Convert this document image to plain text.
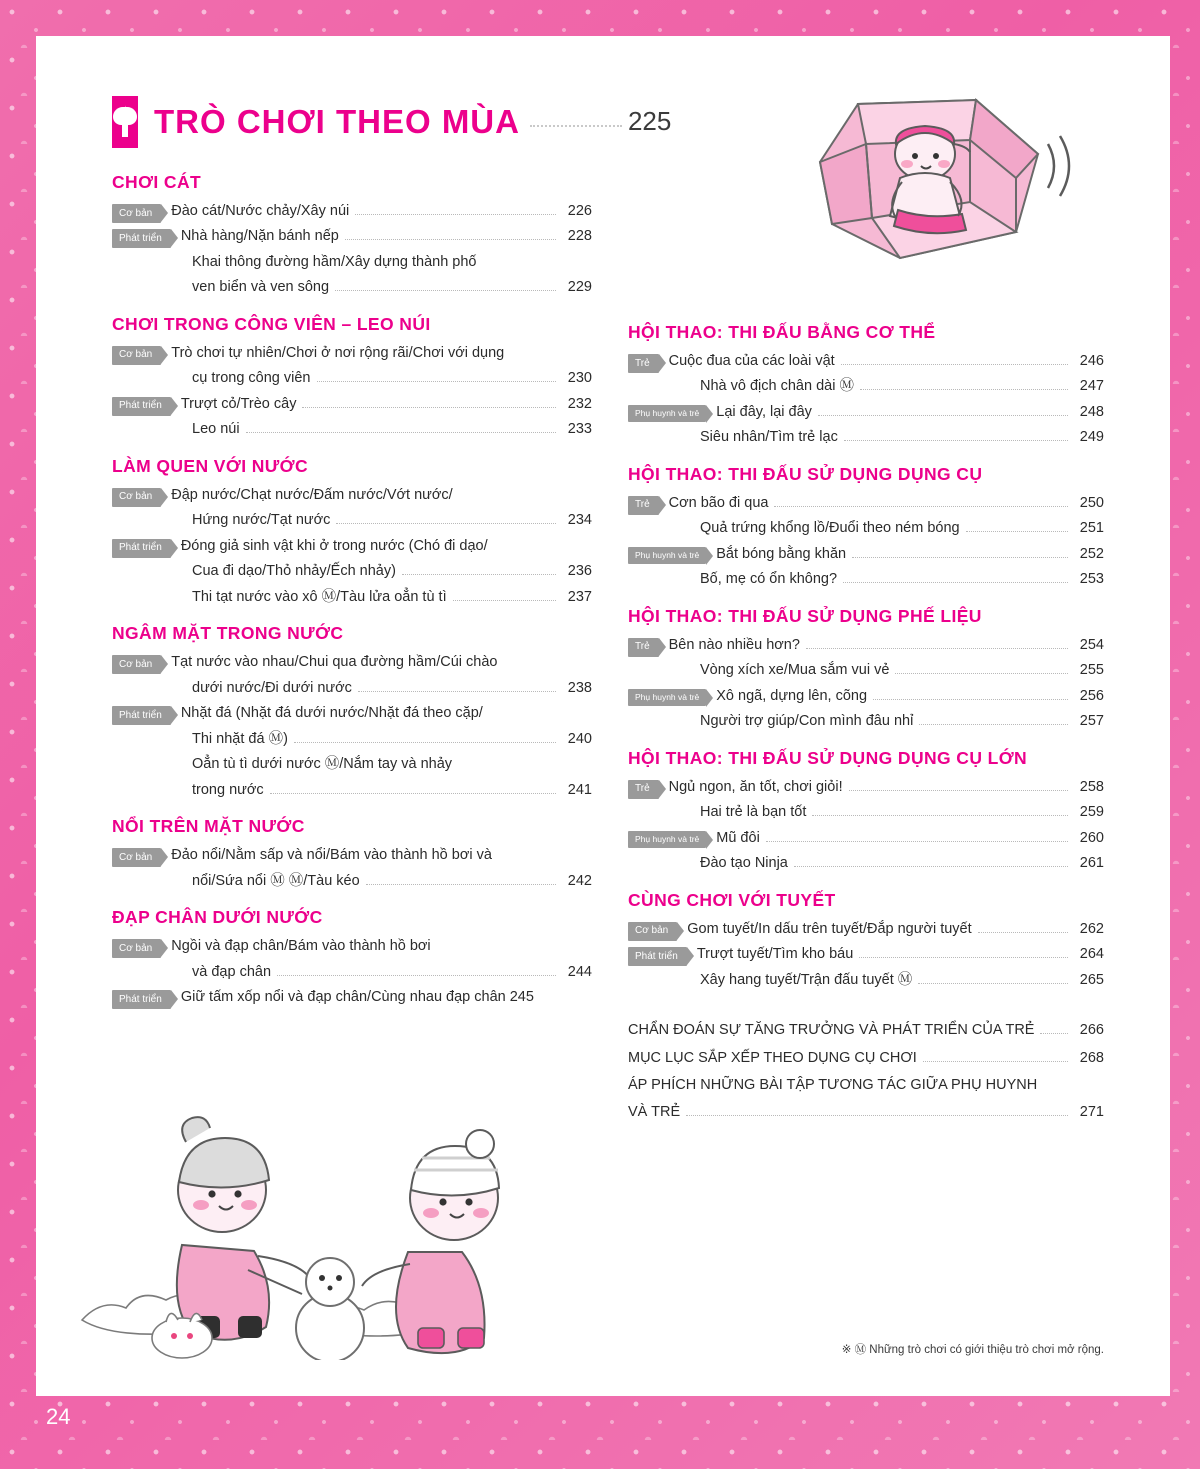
24
✦ TRÒ CHƠI THEO MÙA	225
CHƠI CÁT
Cơ bản	Đào cát/Nước chảy/Xây núi	226
Phát triển	Nhà hàng/Nặn bánh nếp	228
Khai thông đường hầm/Xây dựng thành phố
ven biển và ven sông	229
CHƠI TRONG CÔNG VIÊN – LEO NÚI
Cơ bản	Trò chơi tự nhiên/Chơi ở nơi rộng rãi/Chơi với dụng
cụ trong công viên	230
Phát triển	Trượt cỏ/Trèo cây	232
Leo núi	233
LÀM QUEN VỚI NƯỚC
Cơ bản	Đập nước/Chạt nước/Đấm nước/Vớt nước/
Hứng nước/Tạt nước	234
Phát triển	Đóng giả sinh vật khi ở trong nước (Chó đi dạo/
Cua đi dạo/Thỏ nhảy/Ếch nhảy)	236
Thi tạt nước vào xô Ⓜ/Tàu lửa oẳn tù tì	237
NGÂM MẶT TRONG NƯỚC
Cơ bản	Tạt nước vào nhau/Chui qua đường hầm/Cúi chào
dưới nước/Đi dưới nước	238
Phát triển	Nhặt đá (Nhặt đá dưới nước/Nhặt đá theo cặp/
Thi nhặt đá Ⓜ)	240
Oẳn tù tì dưới nước Ⓜ/Nắm tay và nhảy
trong nước	241
NỔI TRÊN MẶT NƯỚC
Cơ bản	Đảo nổi/Nằm sấp và nổi/Bám vào thành hồ bơi và
nổi/Sứa nổi Ⓜ Ⓜ/Tàu kéo	242
ĐẠP CHÂN DƯỚI NƯỚC
Cơ bản	Ngồi và đạp chân/Bám vào thành hồ bơi
và đạp chân	244
Phát triển	Giữ tấm xốp nổi và đạp chân/Cùng nhau đạp chân 245
HỘI THAO: THI ĐẤU BẰNG CƠ THỂ
Trẻ	Cuộc đua của các loài vật	246
Nhà vô địch chân dài Ⓜ	247
Phụ huynh và trẻ	Lại đây, lại đây	248
Siêu nhân/Tìm trẻ lạc	249
HỘI THAO: THI ĐẤU SỬ DỤNG DỤNG CỤ
Trẻ	Cơn bão đi qua	250
Quả trứng khổng lồ/Đuổi theo ném bóng	251
Phụ huynh và trẻ	Bắt bóng bằng khăn	252
Bố, mẹ có ổn không?	253
HỘI THAO: THI ĐẤU SỬ DỤNG PHẾ LIỆU
Trẻ	Bên nào nhiều hơn?	254
Vòng xích xe/Mua sắm vui vẻ	255
Phụ huynh và trẻ	Xô ngã, dựng lên, cõng	256
Người trợ giúp/Con mình đâu nhỉ	257
HỘI THAO: THI ĐẤU SỬ DỤNG DỤNG CỤ LỚN
Trẻ	Ngủ ngon, ăn tốt, chơi giỏi!	258
Hai trẻ là bạn tốt	259
Phụ huynh và trẻ	Mũ đôi	260
Đào tạo Ninja	261
CÙNG CHƠI VỚI TUYẾT
Cơ bản	Gom tuyết/In dấu trên tuyết/Đắp người tuyết	262
Phát triển	Trượt tuyết/Tìm kho báu	264
Xây hang tuyết/Trận đấu tuyết Ⓜ	265
CHẨN ĐOÁN SỰ TĂNG TRƯỞNG VÀ PHÁT TRIỂN CỦA TRẺ	266
MỤC LỤC SẮP XẾP THEO DỤNG CỤ CHƠI	268
ÁP PHÍCH NHỮNG BÀI TẬP TƯƠNG TÁC GIỮA PHỤ HUYNH
VÀ TRẺ	271
※ Ⓜ Những trò chơi có giới thiệu trò chơi mở rộng.
